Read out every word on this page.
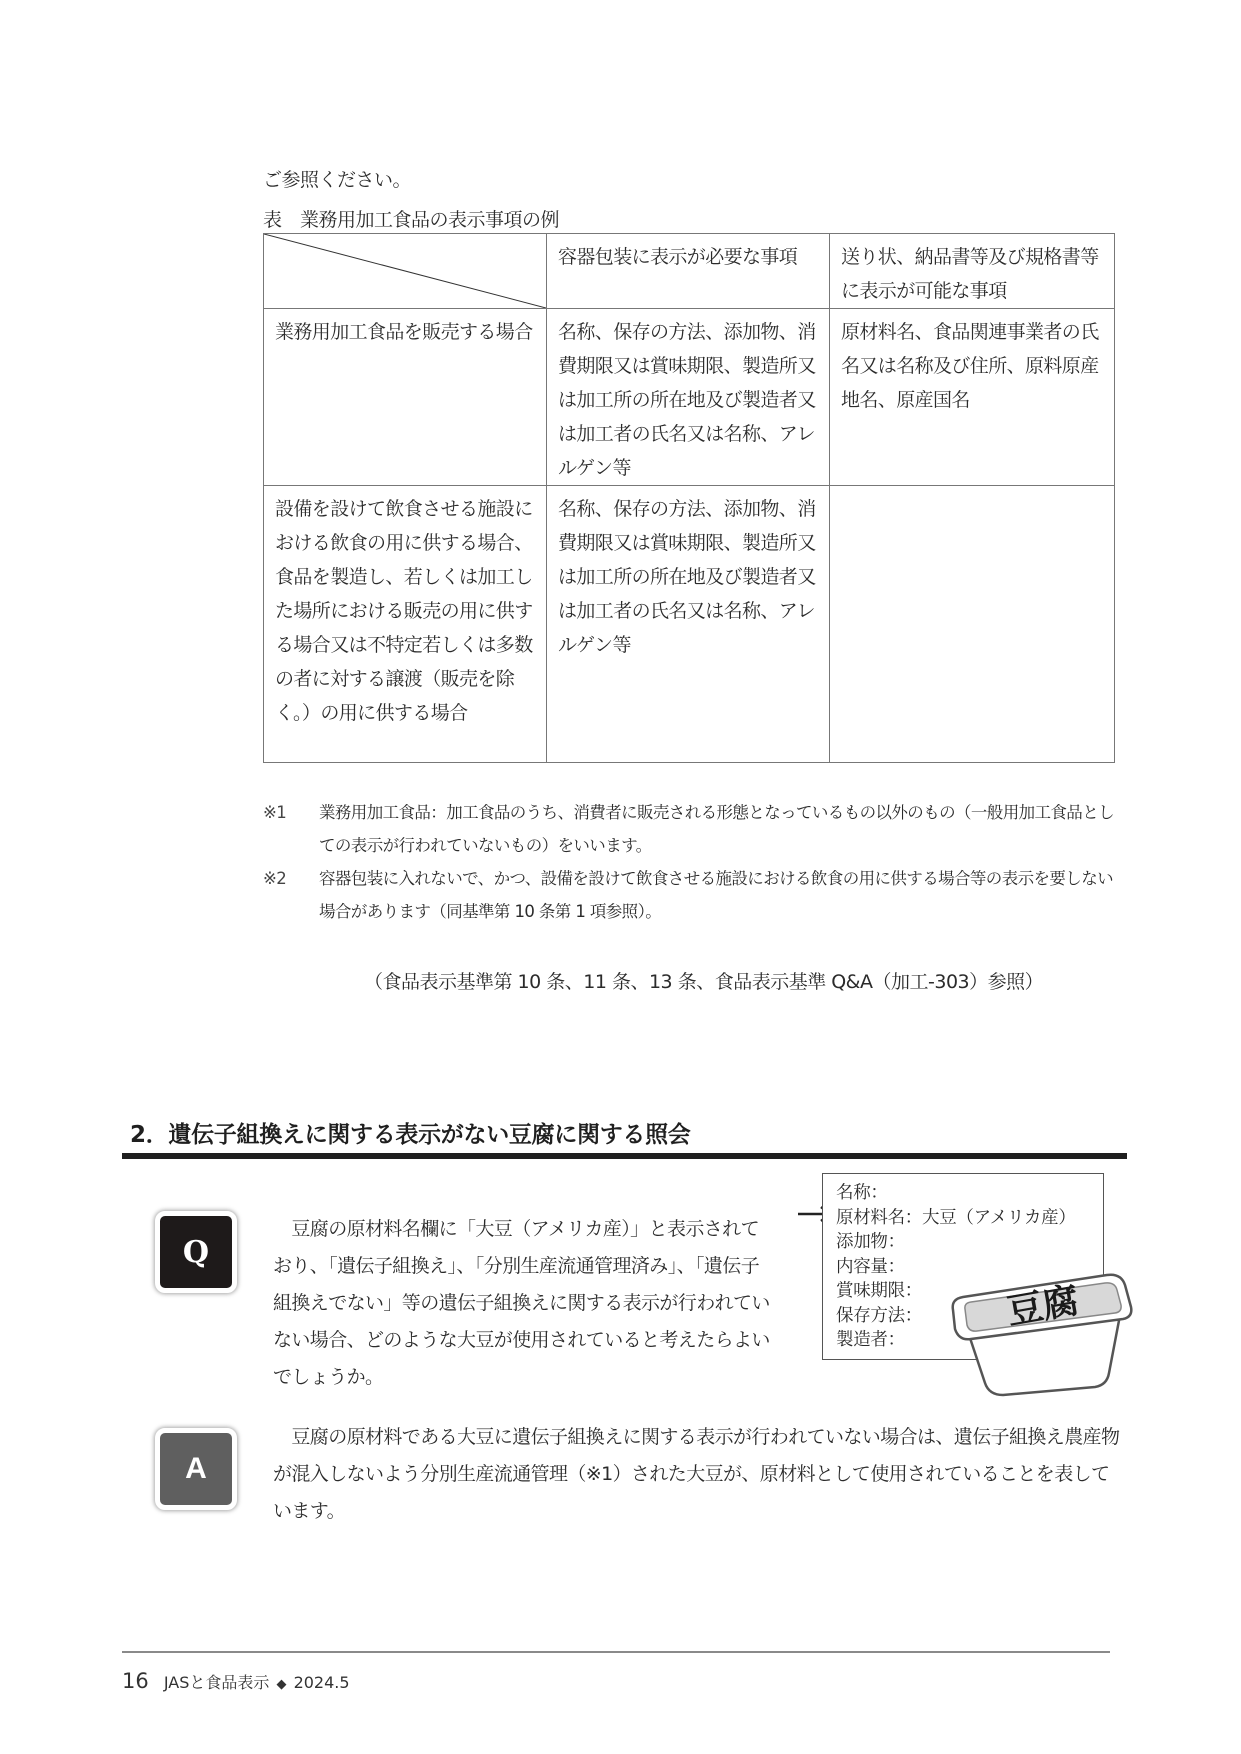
ご参照ください。
表　業務用加工食品の表示事項の例
	容器包装に表示が必要な事項	送り状、納品書等及び規格書等に表示が可能な事項
業務用加工食品を販売する場合	名称、保存の方法、添加物、消費期限又は賞味期限、製造所又は加工所の所在地及び製造者又は加工者の氏名又は名称、アレルゲン等	原材料名、食品関連事業者の氏名又は名称及び住所、原料原産地名、原産国名
設備を設けて飲食させる施設における飲食の用に供する場合、食品を製造し、若しくは加工した場所における販売の用に供する場合又は不特定若しくは多数の者に対する譲渡（販売を除く。）の用に供する場合	名称、保存の方法、添加物、消費期限又は賞味期限、製造所又は加工所の所在地及び製造者又は加工者の氏名又は名称、アレルゲン等	
※1	業務用加工食品：加工食品のうち、消費者に販売される形態となっているもの以外のもの（一般用加工食品としての表示が行われていないもの）をいいます。
※2	容器包装に入れないで、かつ、設備を設けて飲食させる施設における飲食の用に供する場合等の表示を要しない場合があります（同基準第 10 条第 1 項参照）。
（食品表示基準第 10 条、11 条、13 条、食品表示基準 Q&A（加工-303）参照）
2．遺伝子組換えに関する表示がない豆腐に関する照会
Q
　豆腐の原材料名欄に「大豆（アメリカ産）」と表示されており、「遺伝子組換え」、「分別生産流通管理済み」、「遺伝子組換えでない」等の遺伝子組換えに関する表示が行われていない場合、どのような大豆が使用されていると考えたらよいでしょうか。
名称：
原材料名：大豆（アメリカ産）
添加物：
内容量：
賞味期限：
保存方法：
製造者：
豆腐
A
　豆腐の原材料である大豆に遺伝子組換えに関する表示が行われていない場合は、遺伝子組換え農産物が混入しないよう分別生産流通管理（※1）された大豆が、原材料として使用されていることを表しています。
16 JASと食品表示 ◆ 2024.5
